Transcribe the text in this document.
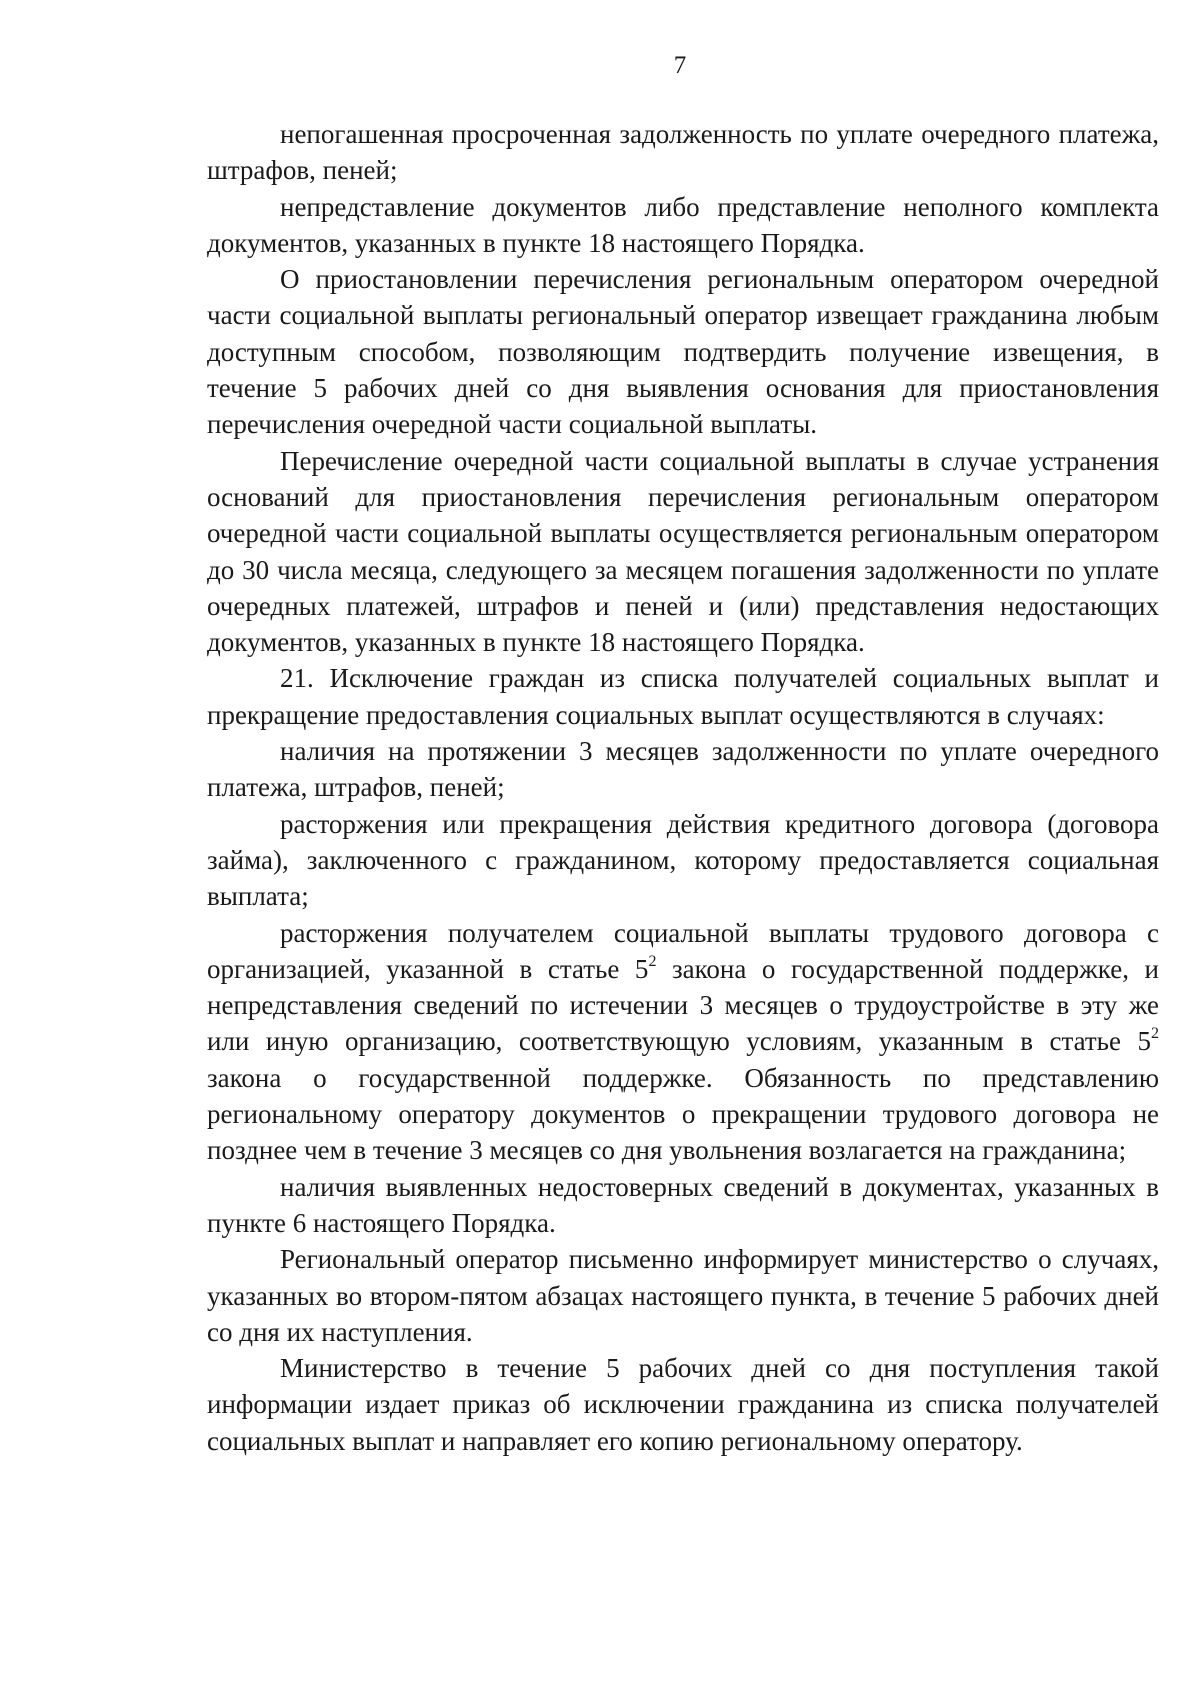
7

непогашенная просроченная задолженность по уплате очередного платежа, штрафов, пеней;

непредставление документов либо представление неполного комплекта документов, указанных в пункте 18 настоящего Порядка.

О приостановлении перечисления региональным оператором очередной части социальной выплаты региональный оператор извещает гражданина любым доступным способом, позволяющим подтвердить получение извещения, в течение 5 рабочих дней со дня выявления основания для приостановления перечисления очередной части социальной выплаты.

Перечисление очередной части социальной выплаты в случае устранения оснований для приостановления перечисления региональным оператором очередной части социальной выплаты осуществляется региональным оператором до 30 числа месяца, следующего за месяцем погашения задолженности по уплате очередных платежей, штрафов и пеней и (или) представления недостающих документов, указанных в пункте 18 настоящего Порядка.

21. Исключение граждан из списка получателей социальных выплат и прекращение предоставления социальных выплат осуществляются в случаях:

наличия на протяжении 3 месяцев задолженности по уплате очередного платежа, штрафов, пеней;

расторжения или прекращения действия кредитного договора (договора займа), заключенного с гражданином, которому предоставляется социальная выплата;

расторжения получателем социальной выплаты трудового договора с организацией, указанной в статье $5^2$ закона о государственной поддержке, и непредставления сведений по истечении 3 месяцев о трудоустройстве в эту же или иную организацию, соответствующую условиям, указанным в статье $5^2$ закона о государственной поддержке. Обязанность по представлению региональному оператору документов о прекращении трудового договора не позднее чем в течение 3 месяцев со дня увольнения возлагается на гражданина;

наличия выявленных недостоверных сведений в документах, указанных в пункте 6 настоящего Порядка.

Региональный оператор письменно информирует министерство о случаях, указанных во втором-пятом абзацах настоящего пункта, в течение 5 рабочих дней со дня их наступления.

Министерство в течение 5 рабочих дней со дня поступления такой информации издает приказ об исключении гражданина из списка получателей социальных выплат и направляет его копию региональному оператору.
